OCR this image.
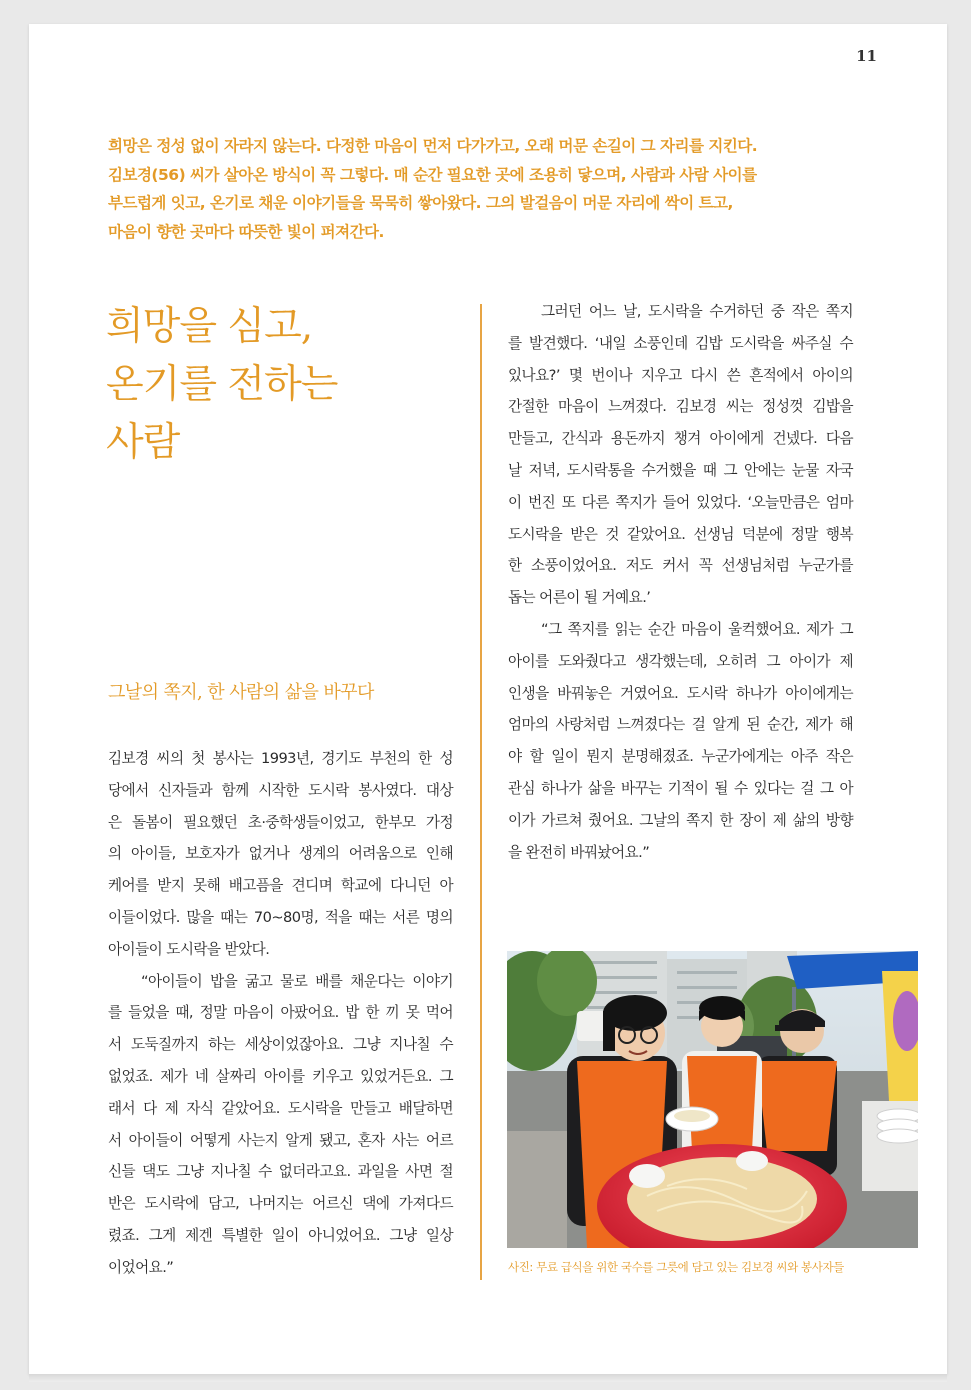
11
희망은 정성 없이 자라지 않는다. 다정한 마음이 먼저 다가가고, 오래 머문 손길이 그 자리를 지킨다.
김보경(56) 씨가 살아온 방식이 꼭 그렇다. 매 순간 필요한 곳에 조용히 닿으며, 사람과 사람 사이를
부드럽게 잇고, 온기로 채운 이야기들을 묵묵히 쌓아왔다. 그의 발걸음이 머문 자리에 싹이 트고,
마음이 향한 곳마다 따뜻한 빛이 퍼져간다.
희망을 심고,
온기를 전하는
사람
그날의 쪽지, 한 사람의 삶을 바꾸다
김보경 씨의 첫 봉사는 1993년, 경기도 부천의 한 성
당에서 신자들과 함께 시작한 도시락 봉사였다. 대상
은 돌봄이 필요했던 초·중학생들이었고, 한부모 가정
의 아이들, 보호자가 없거나 생계의 어려움으로 인해
케어를 받지 못해 배고픔을 견디며 학교에 다니던 아
이들이었다. 많을 때는 70~80명, 적을 때는 서른 명의
아이들이 도시락을 받았다.
“아이들이 밥을 굶고 물로 배를 채운다는 이야기
를 들었을 때, 정말 마음이 아팠어요. 밥 한 끼 못 먹어
서 도둑질까지 하는 세상이었잖아요. 그냥 지나칠 수
없었죠. 제가 네 살짜리 아이를 키우고 있었거든요. 그
래서 다 제 자식 같았어요. 도시락을 만들고 배달하면
서 아이들이 어떻게 사는지 알게 됐고, 혼자 사는 어르
신들 댁도 그냥 지나칠 수 없더라고요. 과일을 사면 절
반은 도시락에 담고, 나머지는 어르신 댁에 가져다드
렸죠. 그게 제겐 특별한 일이 아니었어요. 그냥 일상
이었어요.”
그러던 어느 날, 도시락을 수거하던 중 작은 쪽지
를 발견했다. ‘내일 소풍인데 김밥 도시락을 싸주실 수
있나요?’ 몇 번이나 지우고 다시 쓴 흔적에서 아이의
간절한 마음이 느껴졌다. 김보경 씨는 정성껏 김밥을
만들고, 간식과 용돈까지 챙겨 아이에게 건넸다. 다음
날 저녁, 도시락통을 수거했을 때 그 안에는 눈물 자국
이 번진 또 다른 쪽지가 들어 있었다. ‘오늘만큼은 엄마
도시락을 받은 것 같았어요. 선생님 덕분에 정말 행복
한 소풍이었어요. 저도 커서 꼭 선생님처럼 누군가를
돕는 어른이 될 거예요.’
“그 쪽지를 읽는 순간 마음이 울컥했어요. 제가 그
아이를 도와줬다고 생각했는데, 오히려 그 아이가 제
인생을 바꿔놓은 거였어요. 도시락 하나가 아이에게는
엄마의 사랑처럼 느껴졌다는 걸 알게 된 순간, 제가 해
야 할 일이 뭔지 분명해졌죠. 누군가에게는 아주 작은
관심 하나가 삶을 바꾸는 기적이 될 수 있다는 걸 그 아
이가 가르쳐 줬어요. 그날의 쪽지 한 장이 제 삶의 방향
을 완전히 바꿔놨어요.”
사진: 무료 급식을 위한 국수를 그릇에 담고 있는 김보경 씨와 봉사자들
